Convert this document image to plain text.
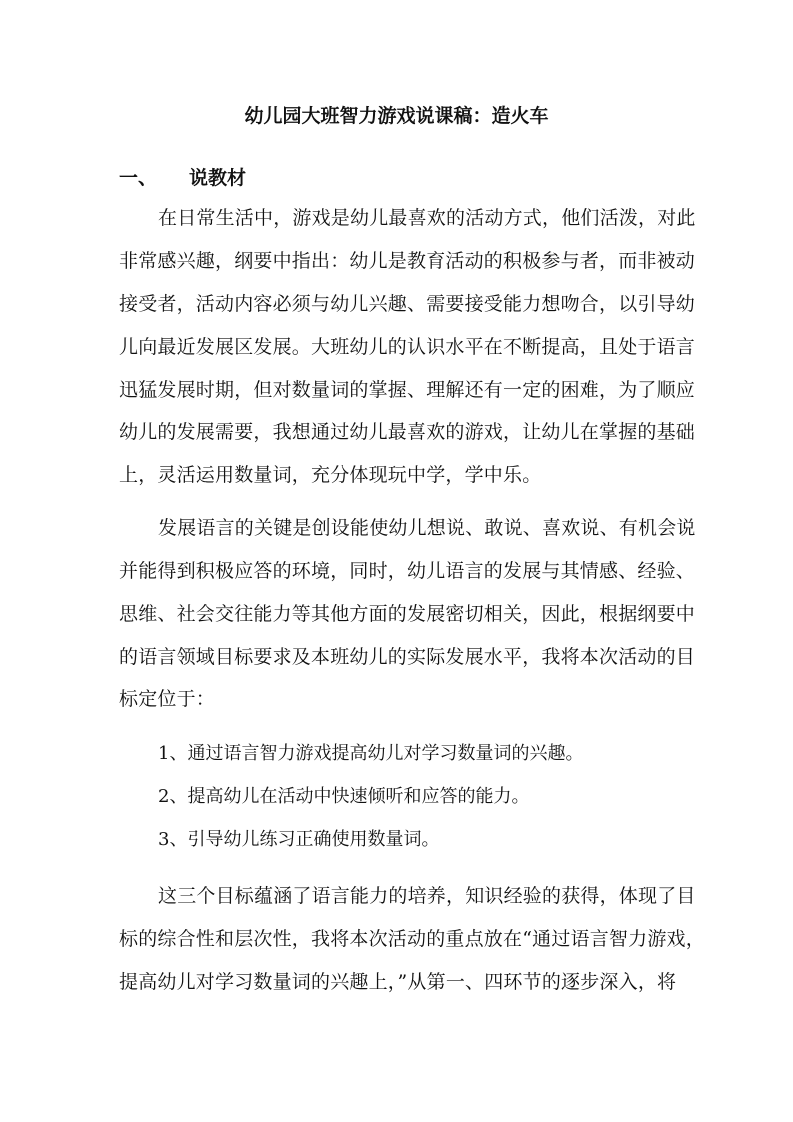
幼儿园大班智力游戏说课稿：造火车
一、 说教材
在日常生活中，游戏是幼儿最喜欢的活动方式，他们活泼，对此
非常感兴趣，纲要中指出：幼儿是教育活动的积极参与者，而非被动
接受者，活动内容必须与幼儿兴趣、需要接受能力想吻合，以引导幼
儿向最近发展区发展。大班幼儿的认识水平在不断提高，且处于语言
迅猛发展时期，但对数量词的掌握、理解还有一定的困难，为了顺应
幼儿的发展需要，我想通过幼儿最喜欢的游戏，让幼儿在掌握的基础
上，灵活运用数量词，充分体现玩中学，学中乐。
发展语言的关键是创设能使幼儿想说、敢说、喜欢说、有机会说
并能得到积极应答的环境，同时，幼儿语言的发展与其情感、经验、
思维、社会交往能力等其他方面的发展密切相关，因此，根据纲要中
的语言领域目标要求及本班幼儿的实际发展水平，我将本次活动的目
标定位于：
1、通过语言智力游戏提高幼儿对学习数量词的兴趣。
2、提高幼儿在活动中快速倾听和应答的能力。
3、引导幼儿练习正确使用数量词。
这三个目标蕴涵了语言能力的培养，知识经验的获得，体现了目
标的综合性和层次性，我将本次活动的重点放在“通过语言智力游戏，
提高幼儿对学习数量词的兴趣上，”从第一、四环节的逐步深入，将
